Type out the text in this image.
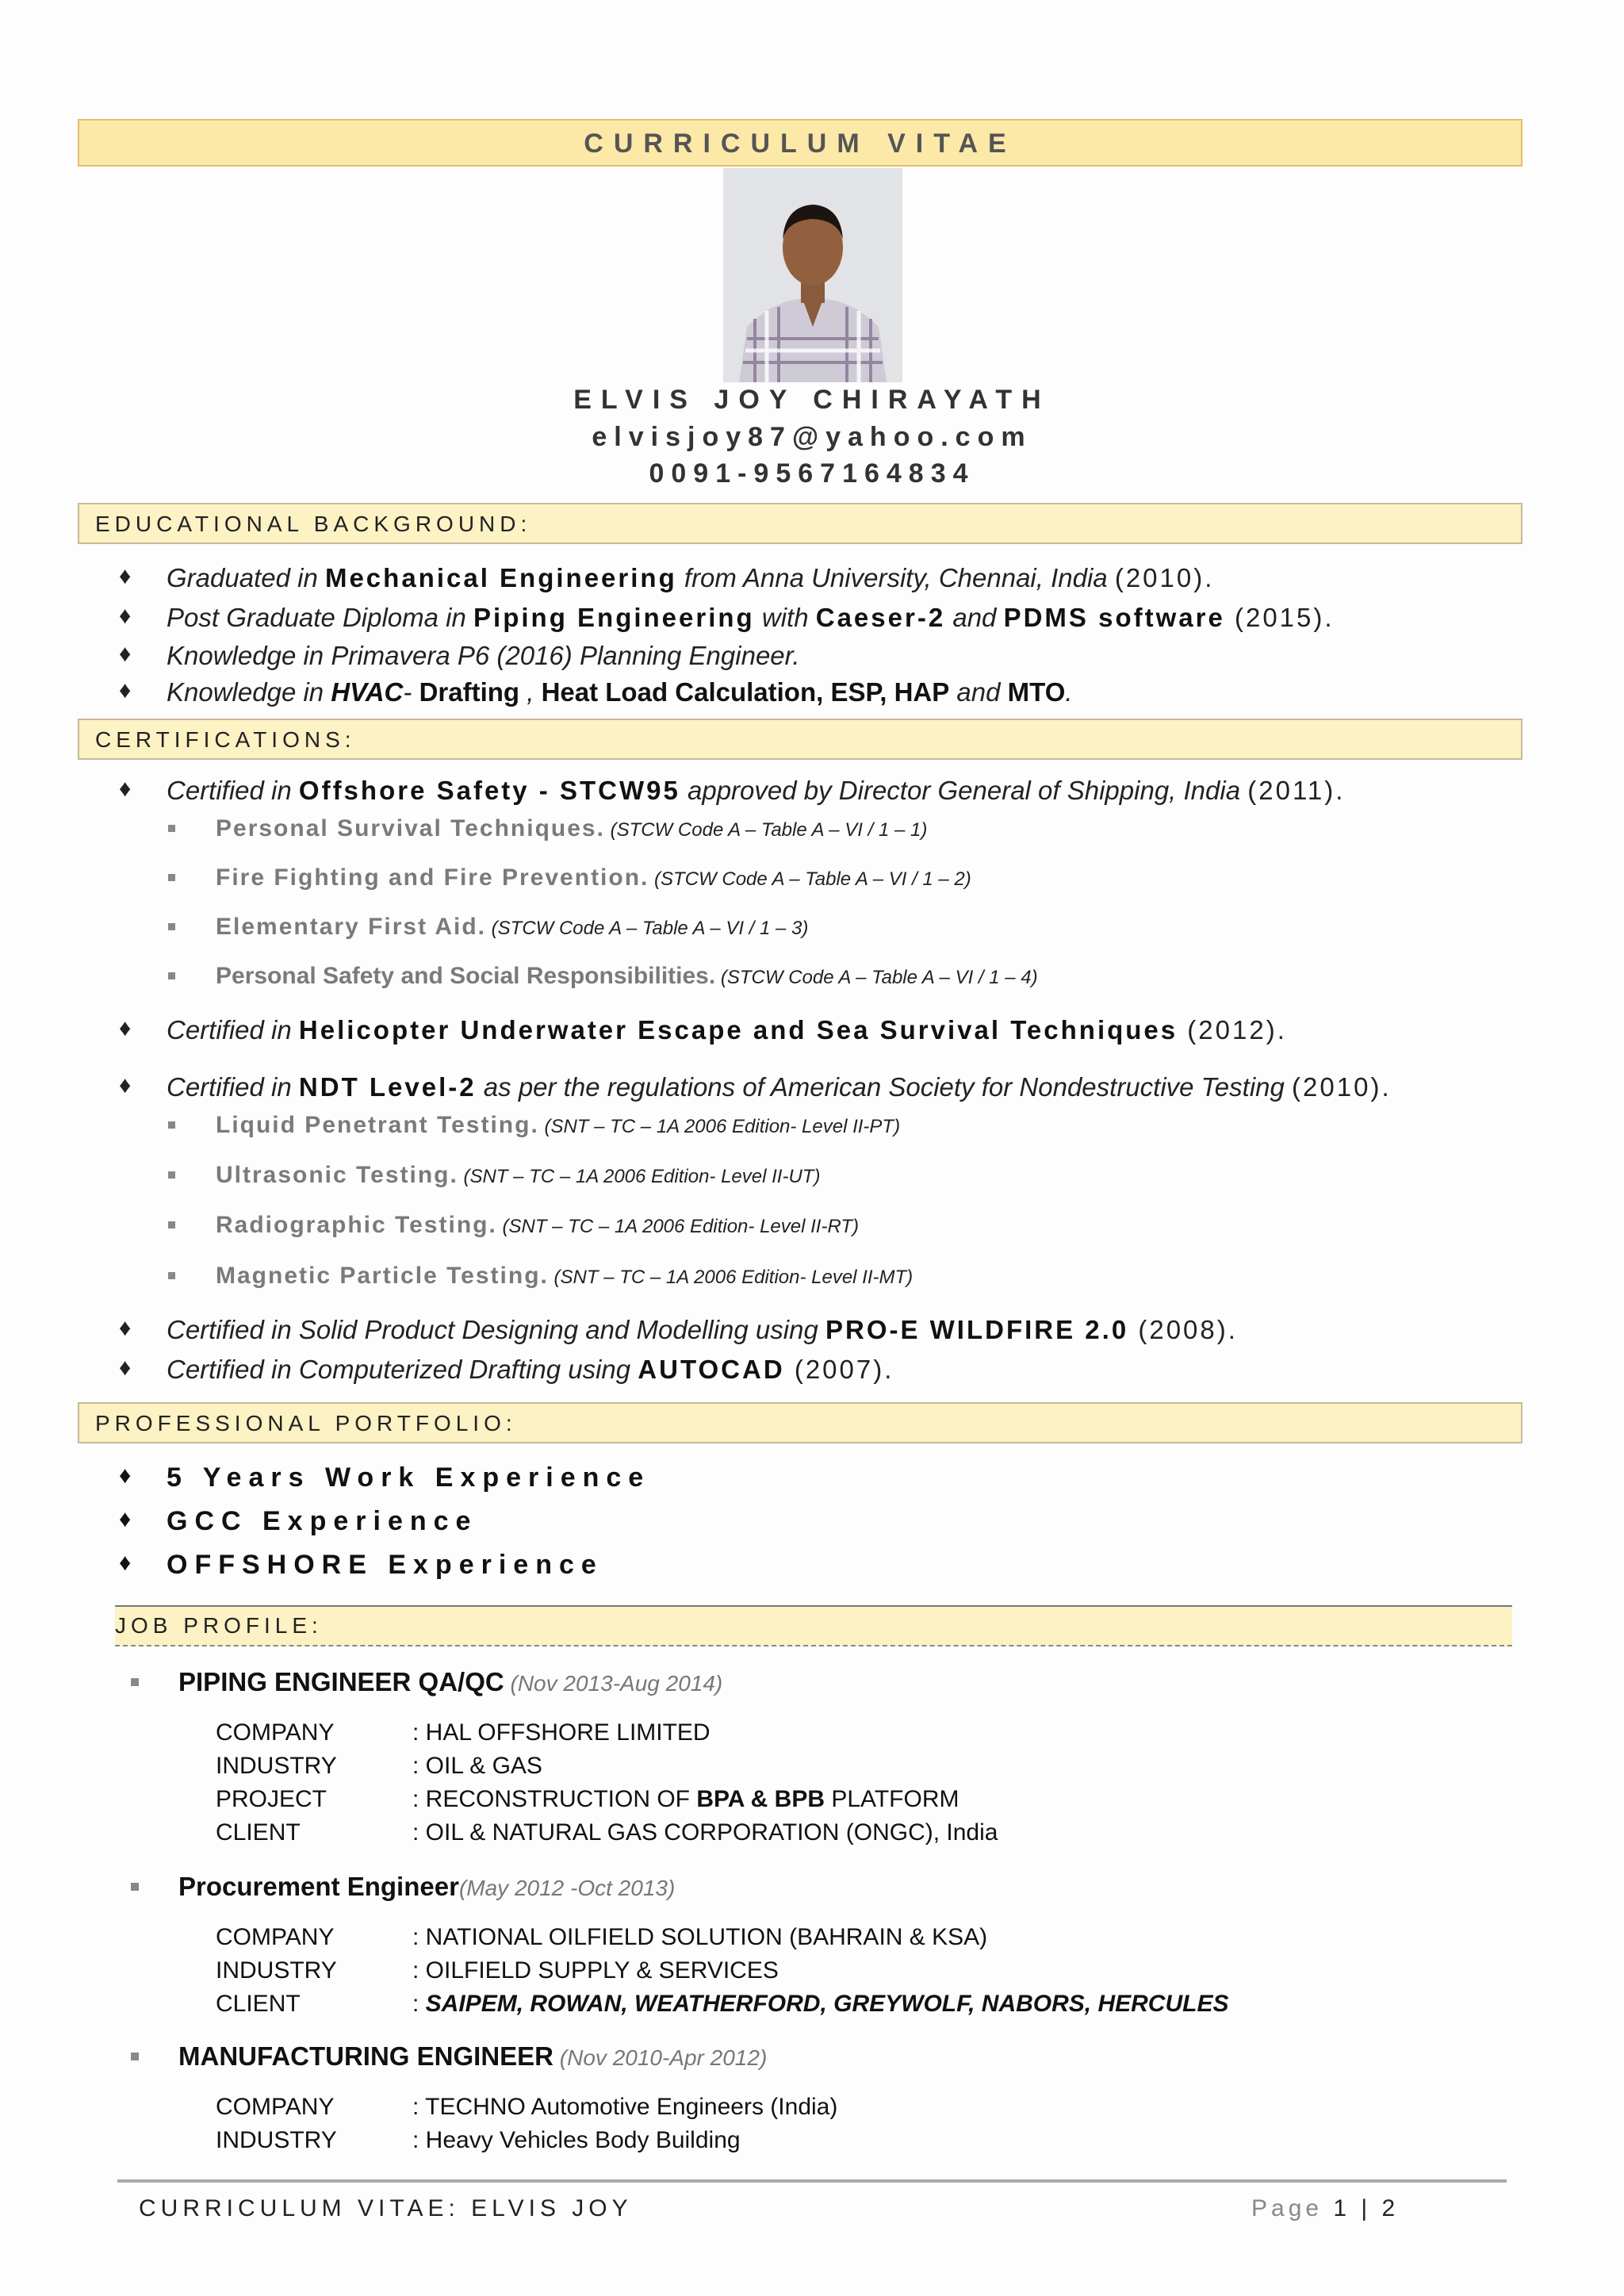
CURRICULUM VITAE
ELVIS JOY CHIRAYATH
elvisjoy87@yahoo.com
0091-9567164834
EDUCATIONAL BACKGROUND:
♦ Graduated in Mechanical Engineering from Anna University, Chennai, India (2010).
♦ Post Graduate Diploma in Piping Engineering with Caeser-2 and PDMS software (2015).
♦ Knowledge in Primavera P6 (2016) Planning Engineer.
♦ Knowledge in HVAC- Drafting , Heat Load Calculation, ESP, HAP and MTO.
CERTIFICATIONS:
♦ Certified in Offshore Safety - STCW95 approved by Director General of Shipping, India (2011).
Personal Survival Techniques. (STCW Code A – Table A – VI / 1 – 1)
Fire Fighting and Fire Prevention. (STCW Code A – Table A – VI / 1 – 2)
Elementary First Aid. (STCW Code A – Table A – VI / 1 – 3)
Personal Safety and Social Responsibilities. (STCW Code A – Table A – VI / 1 – 4)
♦ Certified in Helicopter Underwater Escape and Sea Survival Techniques (2012).
♦ Certified in NDT Level-2 as per the regulations of American Society for Nondestructive Testing (2010).
Liquid Penetrant Testing. (SNT – TC – 1A 2006 Edition- Level II-PT)
Ultrasonic Testing. (SNT – TC – 1A 2006 Edition- Level II-UT)
Radiographic Testing. (SNT – TC – 1A 2006 Edition- Level II-RT)
Magnetic Particle Testing. (SNT – TC – 1A 2006 Edition- Level II-MT)
♦ Certified in Solid Product Designing and Modelling using PRO-E WILDFIRE 2.0 (2008).
♦ Certified in Computerized Drafting using AUTOCAD (2007).
PROFESSIONAL PORTFOLIO:
♦ 5 Years Work Experience
♦ GCC Experience
♦ OFFSHORE Experience
JOB PROFILE:
PIPING ENGINEER QA/QC (Nov 2013-Aug 2014)
COMPANY	: HAL OFFSHORE LIMITED
INDUSTRY	: OIL & GAS
PROJECT	: RECONSTRUCTION OF BPA & BPB PLATFORM
CLIENT	: OIL & NATURAL GAS CORPORATION (ONGC), India
Procurement Engineer(May 2012 -Oct 2013)
COMPANY	: NATIONAL OILFIELD SOLUTION (BAHRAIN & KSA)
INDUSTRY	: OILFIELD SUPPLY & SERVICES
CLIENT	: SAIPEM, ROWAN, WEATHERFORD, GREYWOLF, NABORS, HERCULES
MANUFACTURING ENGINEER (Nov 2010-Apr 2012)
COMPANY	: TECHNO Automotive Engineers (India)
INDUSTRY	: Heavy Vehicles Body Building
CURRICULUM VITAE: ELVIS JOY	Page 1 | 2
